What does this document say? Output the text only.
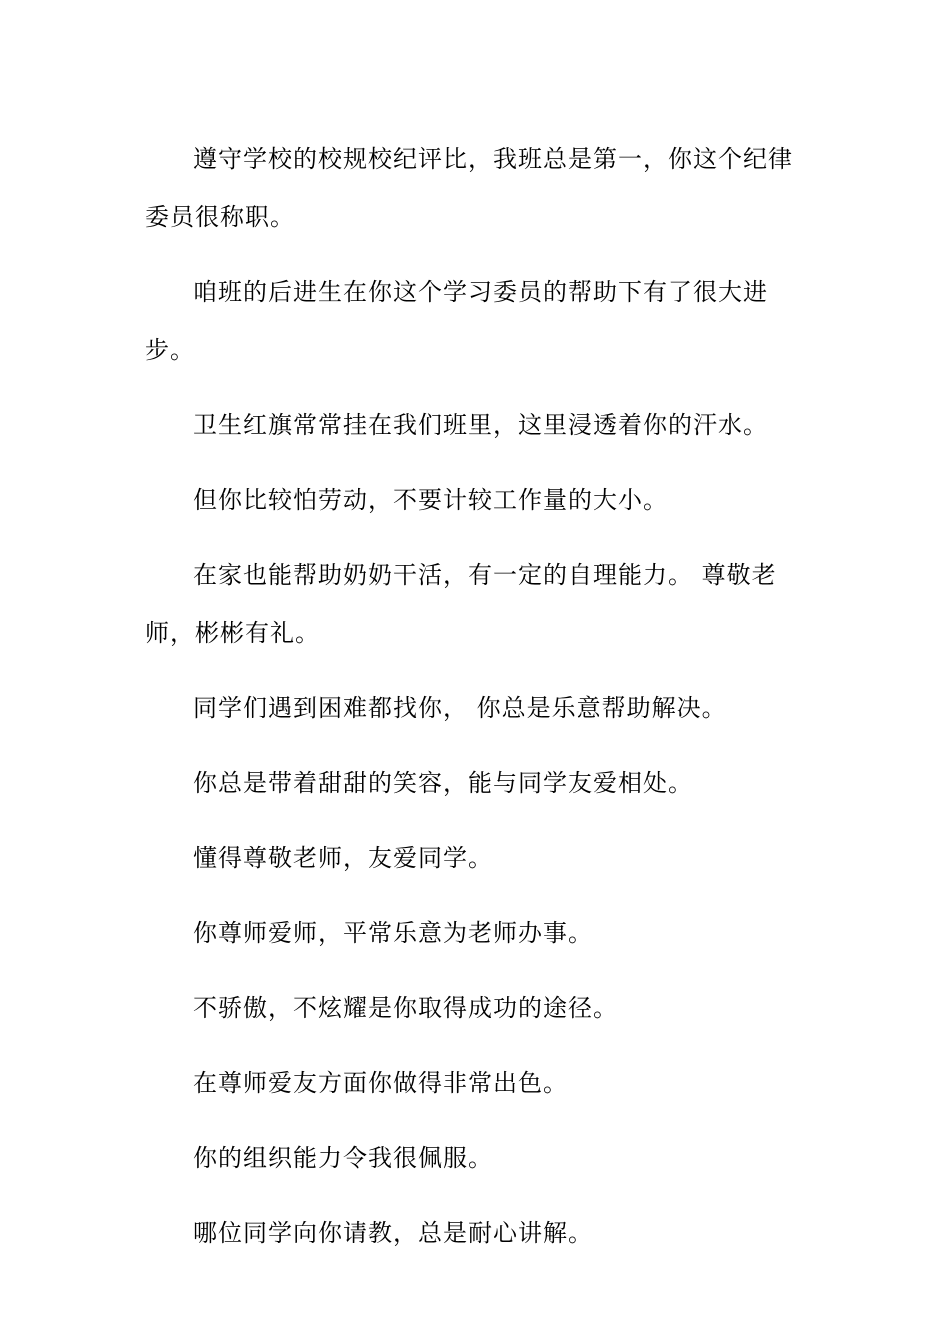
遵守学校的校规校纪评比，我班总是第一，你这个纪律委员很称职。

咱班的后进生在你这个学习委员的帮助下有了很大进步。

卫生红旗常常挂在我们班里，这里浸透着你的汗水。

但你比较怕劳动，不要计较工作量的大小。

在家也能帮助奶奶干活，有一定的自理能力。 尊敬老师，彬彬有礼。

同学们遇到困难都找你， 你总是乐意帮助解决。

你总是带着甜甜的笑容，能与同学友爱相处。

懂得尊敬老师，友爱同学。

你尊师爱师，平常乐意为老师办事。

不骄傲，不炫耀是你取得成功的途径。

在尊师爱友方面你做得非常出色。

你的组织能力令我很佩服。

哪位同学向你请教，总是耐心讲解。
